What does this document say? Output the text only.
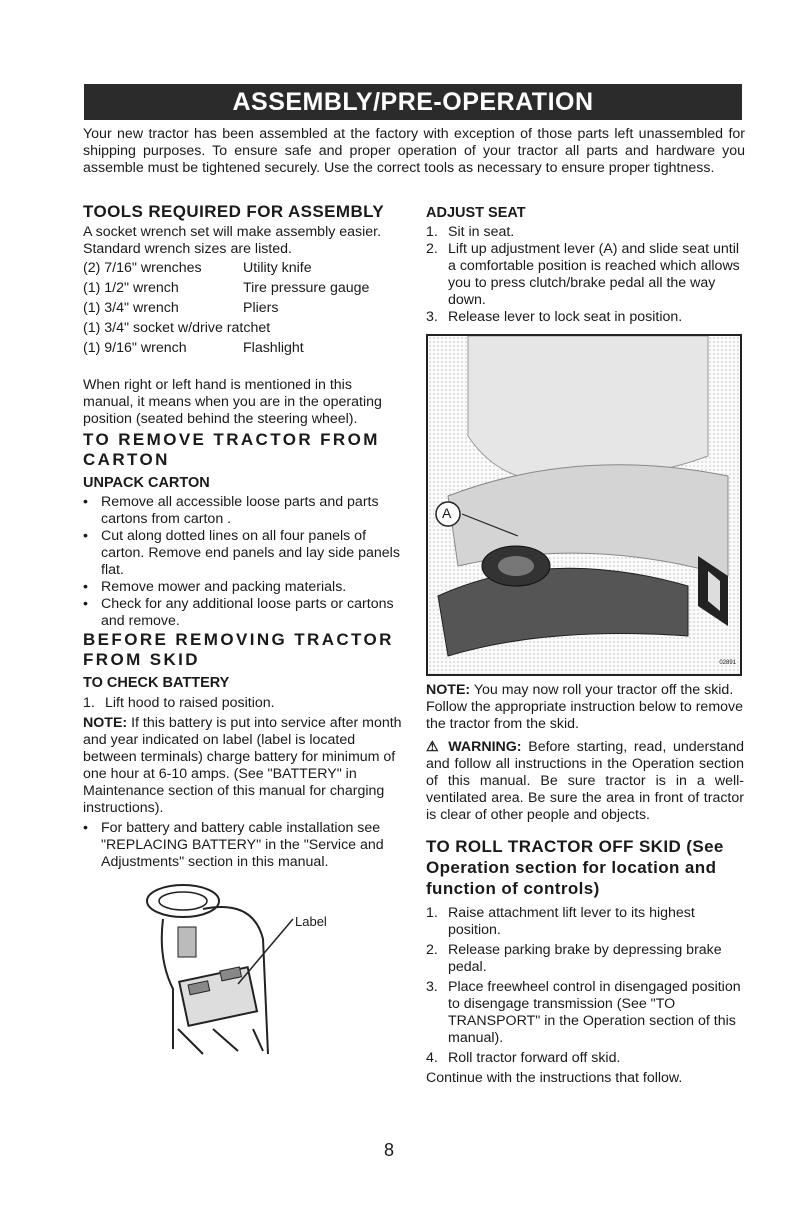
ASSEMBLY/PRE-OPERATION

Your new tractor has been assembled at the factory with exception of those parts left unassembled for shipping purposes. To ensure safe and proper operation of your tractor all parts and hardware you assemble must be tightened securely. Use the correct tools as necessary to ensure proper tightness.

TOOLS REQUIRED FOR ASSEMBLY

A socket wrench set will make assembly easier. Standard wrench sizes are listed.

(2) 7/16" wrenches	Utility knife
(1) 1/2" wrench	Tire pressure gauge
(1) 3/4" wrench	Pliers
(1) 3/4" socket w/drive ratchet
(1) 9/16" wrench	Flashlight

When right or left hand is mentioned in this manual, it means when you are in the operating position (seated behind the steering wheel).

TO REMOVE TRACTOR FROM CARTON

UNPACK CARTON

• Remove all accessible loose parts and parts cartons from carton .
• Cut along dotted lines on all four panels of carton. Remove end panels and lay side panels flat.
• Remove mower and packing materials.
• Check for any additional loose parts or cartons and remove.

BEFORE REMOVING TRACTOR FROM SKID

TO CHECK BATTERY

1. Lift hood to raised position.

NOTE: If this battery is put into service after month and year indicated on label (label is located between terminals) charge battery for minimum of one hour at 6-10 amps. (See "BATTERY" in Maintenance section of this manual for charging instructions).

• For battery and battery cable installation see "REPLACING BATTERY" in the "Service and Adjustments" section in this manual.
Label

ADJUST SEAT

1. Sit in seat.
2. Lift up adjustment lever (A) and slide seat until a comfortable position is reached which allows you to press clutch/brake pedal all the way down.
3. Release lever to lock seat in position.
A
02891

NOTE: You may now roll your tractor off the skid. Follow the appropriate instruction below to remove the tractor from the skid.

⚠ WARNING: Before starting, read, understand and follow all instructions in the Operation section of this manual. Be sure tractor is in a well-ventilated area. Be sure the area in front of tractor is clear of other people and objects.

TO ROLL TRACTOR OFF SKID (See Operation section for location and function of controls)

1. Raise attachment lift lever to its highest position.
2. Release parking brake by depressing brake pedal.
3. Place freewheel control in disengaged position to disengage transmission (See "TO TRANSPORT" in the Operation section of this manual).
4. Roll tractor forward off skid.

Continue with the instructions that follow.

8
